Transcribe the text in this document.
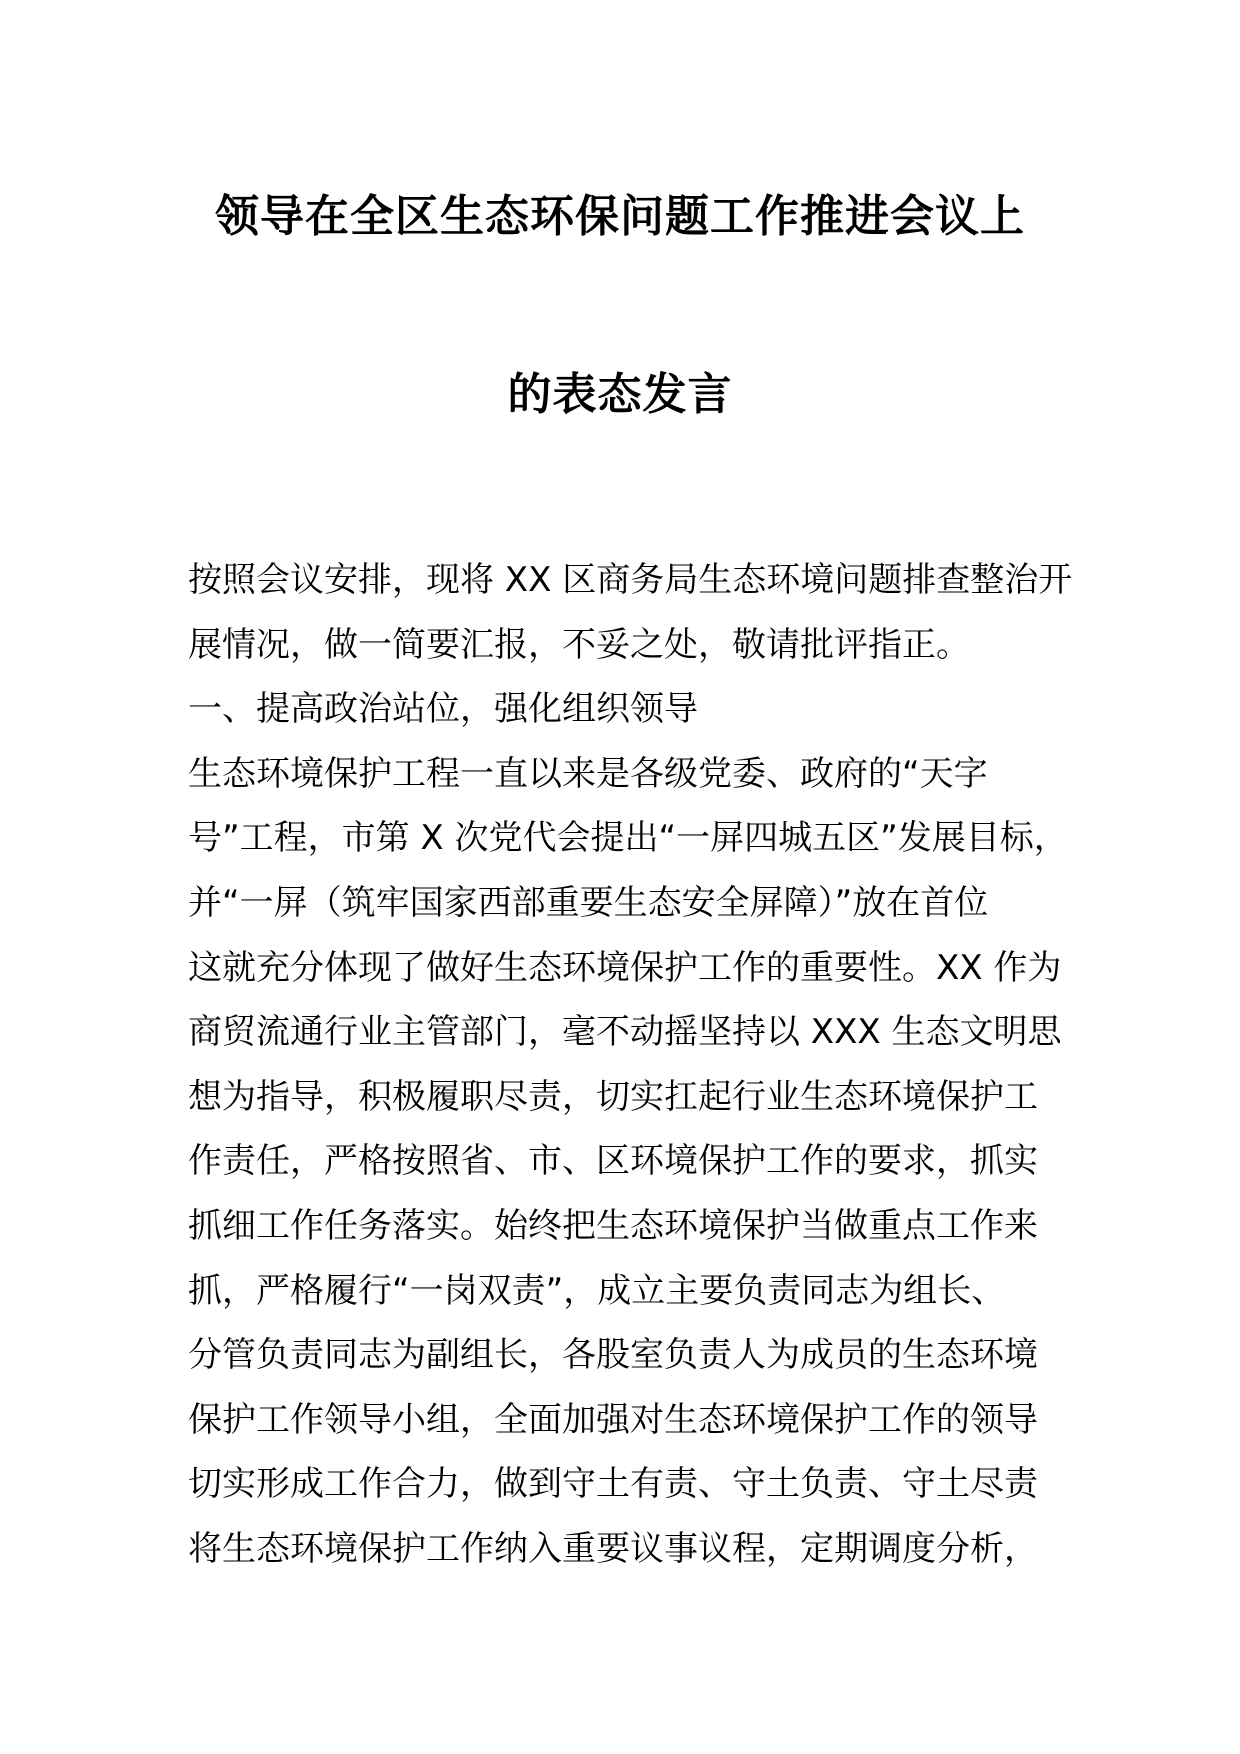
领导在全区生态环保问题工作推进会议上
的表态发言
按照会议安排，现将 XX 区商务局生态环境问题排查整治开
展情况，做一简要汇报，不妥之处，敬请批评指正。
一、提高政治站位，强化组织领导
生态环境保护工程一直以来是各级党委、政府的“天字
号”工程，市第 X 次党代会提出“一屏四城五区”发展目标，
并“一屏（筑牢国家西部重要生态安全屏障）”放在首位
这就充分体现了做好生态环境保护工作的重要性。XX 作为
商贸流通行业主管部门，毫不动摇坚持以 XXX 生态文明思
想为指导，积极履职尽责，切实扛起行业生态环境保护工
作责任，严格按照省、市、区环境保护工作的要求，抓实
抓细工作任务落实。始终把生态环境保护当做重点工作来
抓，严格履行“一岗双责”，成立主要负责同志为组长、
分管负责同志为副组长，各股室负责人为成员的生态环境
保护工作领导小组，全面加强对生态环境保护工作的领导
切实形成工作合力，做到守土有责、守土负责、守土尽责
将生态环境保护工作纳入重要议事议程，定期调度分析，
